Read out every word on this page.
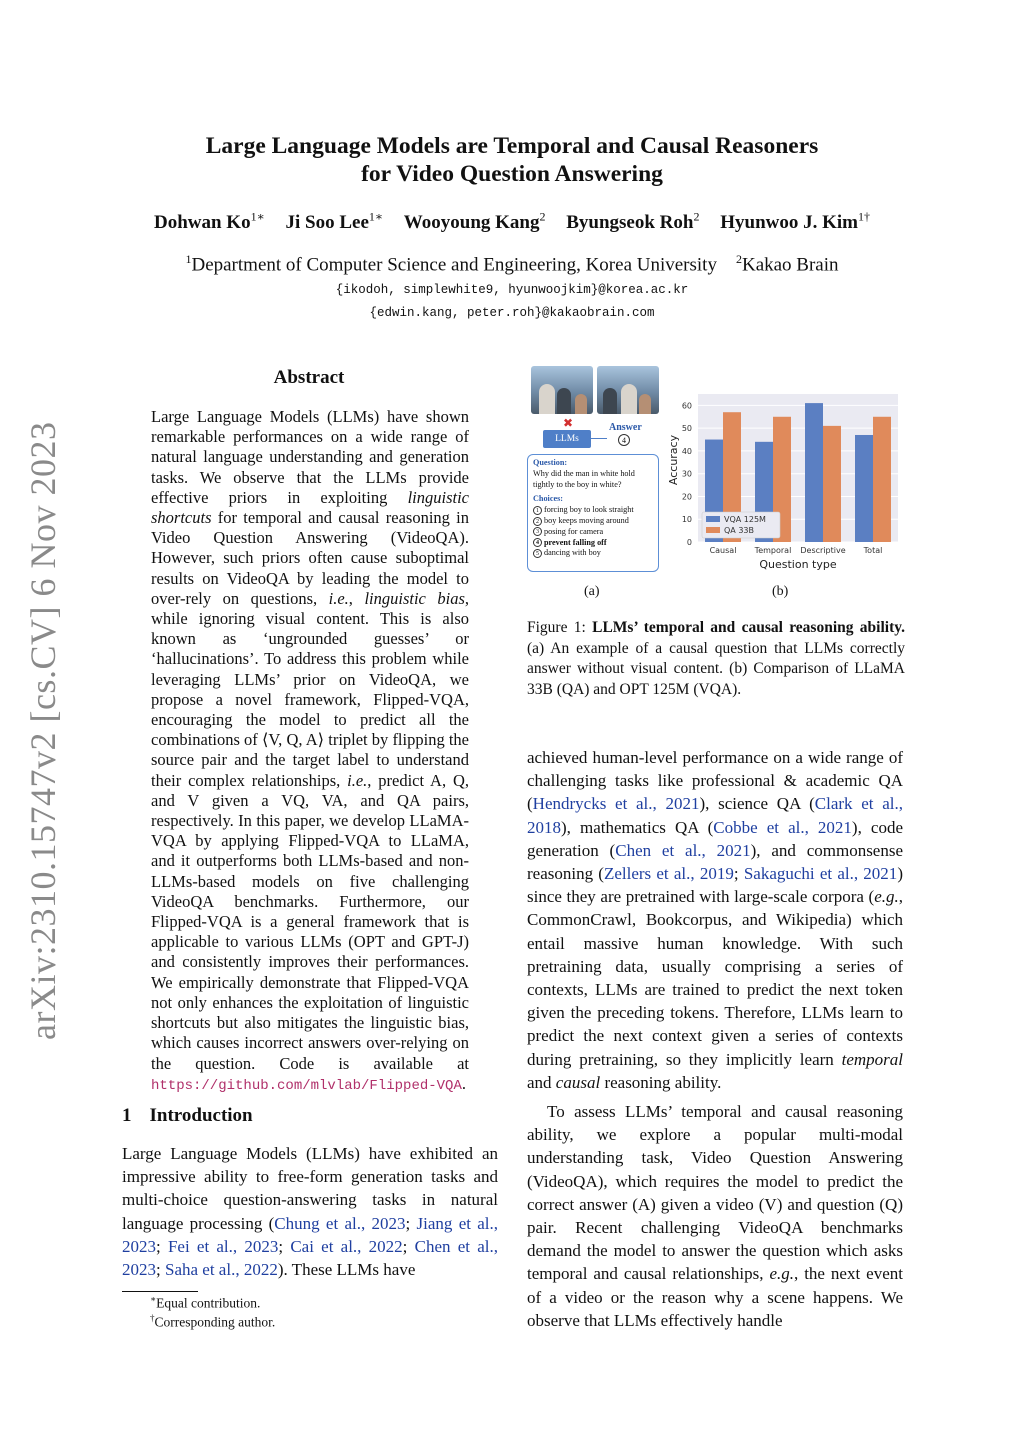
arXiv:2310.15747v2 [cs.CV] 6 Nov 2023
Large Language Models are Temporal and Causal Reasoners
for Video Question Answering
Dohwan $Ko^{1∗}$ Ji Soo Lee$^{1∗}$ Wooyoung Kang$^2$ Byungseok Roh$^2$ Hyunwoo J. Kim$^{1\dagger}$
$^1$Department of Computer Science and Engineering, Korea University $^2$Kakao Brain
{ikodoh, simplewhite9, hyunwoojkim}@korea.ac.kr
{edwin.kang, peter.roh}@kakaobrain.com
Abstract
Large Language Models (LLMs) have shown remarkable performances on a wide range of natural language understanding and generation tasks. We observe that the LLMs provide effective priors in exploiting linguistic shortcuts for temporal and causal reasoning in Video Question Answering (VideoQA). However, such priors often cause suboptimal results on VideoQA by leading the model to over-rely on questions, i.e., linguistic bias, while ignoring visual content. This is also known as ‘ungrounded guesses’ or ‘hallucinations’. To address this problem while leveraging LLMs’ prior on VideoQA, we propose a novel framework, Flipped-VQA, encouraging the model to predict all the combinations of ⟨V, Q, A⟩ triplet by flipping the source pair and the target label to understand their complex relationships, i.e., predict A, Q, and V given a VQ, VA, and QA pairs, respectively. In this paper, we develop LLaMA-VQA by applying Flipped-VQA to LLaMA, and it outperforms both LLMs-based and non-LLMs-based models on five challenging VideoQA benchmarks. Furthermore, our Flipped-VQA is a general framework that is applicable to various LLMs (OPT and GPT-J) and consistently improves their performances. We empirically demonstrate that Flipped-VQA not only enhances the exploitation of linguistic shortcuts but also mitigates the linguistic bias, which causes incorrect answers over-relying on the question. Code is available at https://github.com/mlvlab/Flipped-VQA.
1 Introduction
Large Language Models (LLMs) have exhibited an impressive ability to free-form generation tasks and multi-choice question-answering tasks in natural language processing (Chung et al., 2023; Jiang et al., 2023; Fei et al., 2023; Cai et al., 2022; Chen et al., 2023; Saha et al., 2022). These LLMs have
∗Equal contribution.
†Corresponding author.
✖
LLMs
Answer
4
Question:
Why did the man in white hold tightly to the boy in white?
Choices:
1 forcing boy to look straight
2 boy keeps moving around
3 posing for camera
4 prevent falling off
5 dancing with boy
0
10
20
30
40
50
60
Causal Temporal Descriptive Total
Question type
Accuracy
VQA 125M
QA 33B
(a)	(b)
Figure 1: LLMs’ temporal and causal reasoning ability. (a) An example of a causal question that LLMs correctly answer without visual content. (b) Comparison of LLaMA 33B (QA) and OPT 125M (VQA).
achieved human-level performance on a wide range of challenging tasks like professional & academic QA (Hendrycks et al., 2021), science QA (Clark et al., 2018), mathematics QA (Cobbe et al., 2021), code generation (Chen et al., 2021), and commonsense reasoning (Zellers et al., 2019; Sakaguchi et al., 2021) since they are pretrained with large-scale corpora (e.g., CommonCrawl, Bookcorpus, and Wikipedia) which entail massive human knowledge. With such pretraining data, usually comprising a series of contexts, LLMs are trained to predict the next token given the preceding tokens. Therefore, LLMs learn to predict the next context given a series of contexts during pretraining, so they implicitly learn temporal and causal reasoning ability.
To assess LLMs’ temporal and causal reasoning ability, we explore a popular multi-modal understanding task, Video Question Answering (VideoQA), which requires the model to predict the correct answer (A) given a video (V) and question (Q) pair. Recent challenging VideoQA benchmarks demand the model to answer the question which asks temporal and causal relationships, e.g., the next event of a video or the reason why a scene happens. We observe that LLMs effectively handle
